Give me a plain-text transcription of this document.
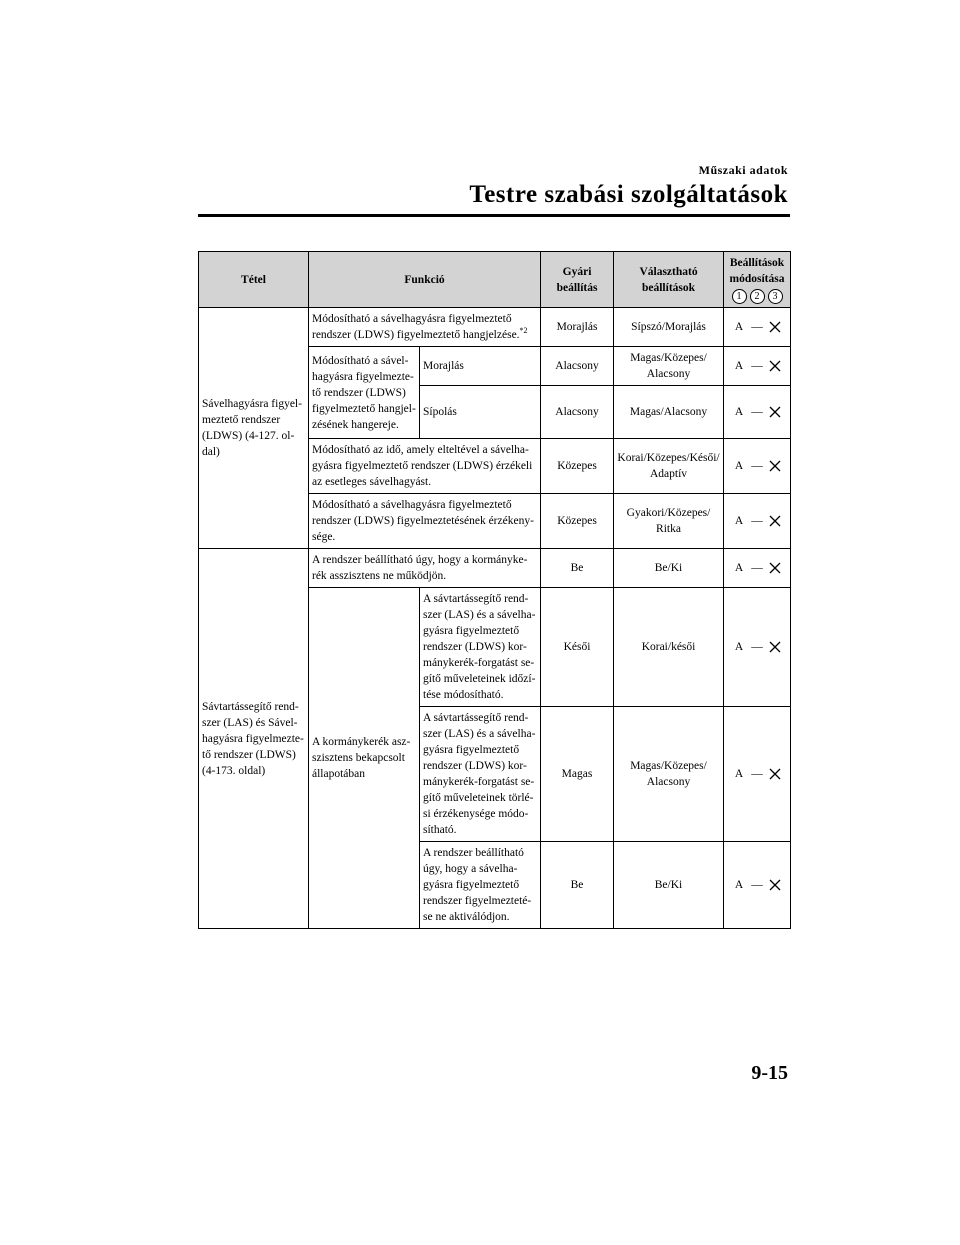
Műszaki adatok
Testre szabási szolgáltatások
Tétel	Funkció		Gyári beállítás	Választható beállítások	Beállítások módosítása
1 2 3

Sávelhagyásra figyel-meztető rendszer (LDWS) (4-127. ol-dal)	Módosítható a sávelhagyásra figyelmeztető rendszer (LDWS) figyelmeztető hangjelzése.$^{*2}$		Morajlás	Sípszó/Morajlás	A —

	Módosítható a sável-hagyásra figyelmezte-tő rendszer (LDWS) figyelmeztető hangjel-zésének hangereje.	Morajlás	Alacsony	Magas/Közepes/ Alacsony	A —

		Sípolás	Alacsony	Magas/Alacsony	A —

	Módosítható az idő, amely elteltével a sávelha-gyásra figyelmeztető rendszer (LDWS) érzékeli az esetleges sávelhagyást.		Közepes	Korai/Közepes/Késői/ Adaptív	A —

	Módosítható a sávelhagyásra figyelmeztető rendszer (LDWS) figyelmeztetésének érzékeny-sége.		Közepes	Gyakori/Közepes/ Ritka	A —

Sávtartássegítő rend-szer (LAS) és Sável-hagyásra figyelmezte-tő rendszer (LDWS) (4-173. oldal)	A rendszer beállítható úgy, hogy a kormányke-rék asszisztens ne működjön.		Be	Be/Ki	A —

	A kormánykerék asz-szisztens bekapcsolt állapotában	A sávtartássegítő rend-szer (LAS) és a sávelha-gyásra figyelmeztető rendszer (LDWS) kor-mánykerék-forgatást se-gítő műveleteinek időzí-tése módosítható.	Késői	Korai/késői	A —

		A sávtartássegítő rend-szer (LAS) és a sávelha-gyásra figyelmeztető rendszer (LDWS) kor-mánykerék-forgatást se-gítő műveleteinek törlé-si érzékenysége módo-sítható.	Magas	Magas/Közepes/ Alacsony	A —

		A rendszer beállítható úgy, hogy a sávelha-gyásra figyelmeztető rendszer figyelmezteté-se ne aktiválódjon.	Be	Be/Ki	A —
9-15
